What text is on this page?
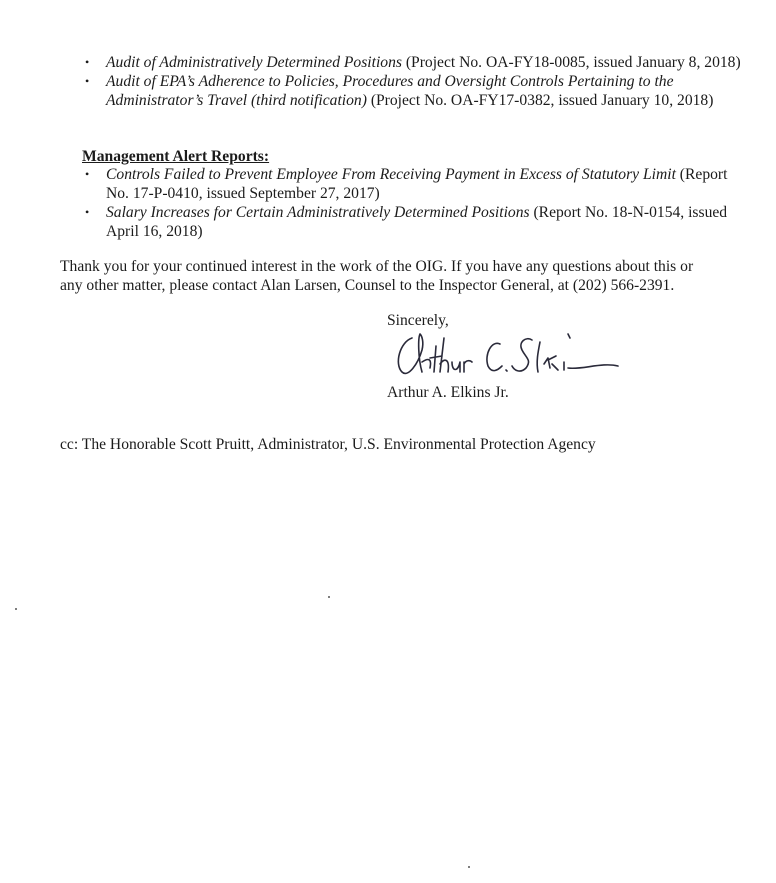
• Audit of Administratively Determined Positions (Project No. OA-FY18-0085, issued January 8, 2018)
• Audit of EPA’s Adherence to Policies, Procedures and Oversight Controls Pertaining to the Administrator’s Travel (third notification) (Project No. OA-FY17-0382, issued January 10, 2018)

Management Alert Reports:

• Controls Failed to Prevent Employee From Receiving Payment in Excess of Statutory Limit (Report No. 17-P-0410, issued September 27, 2017)
• Salary Increases for Certain Administratively Determined Positions (Report No. 18-N-0154, issued April 16, 2018)

Thank you for your continued interest in the work of the OIG. If you have any questions about this or any other matter, please contact Alan Larsen, Counsel to the Inspector General, at (202) 566-2391.

Sincerely,

Arthur A. Elkins Jr.

cc: The Honorable Scott Pruitt, Administrator, U.S. Environmental Protection Agency
